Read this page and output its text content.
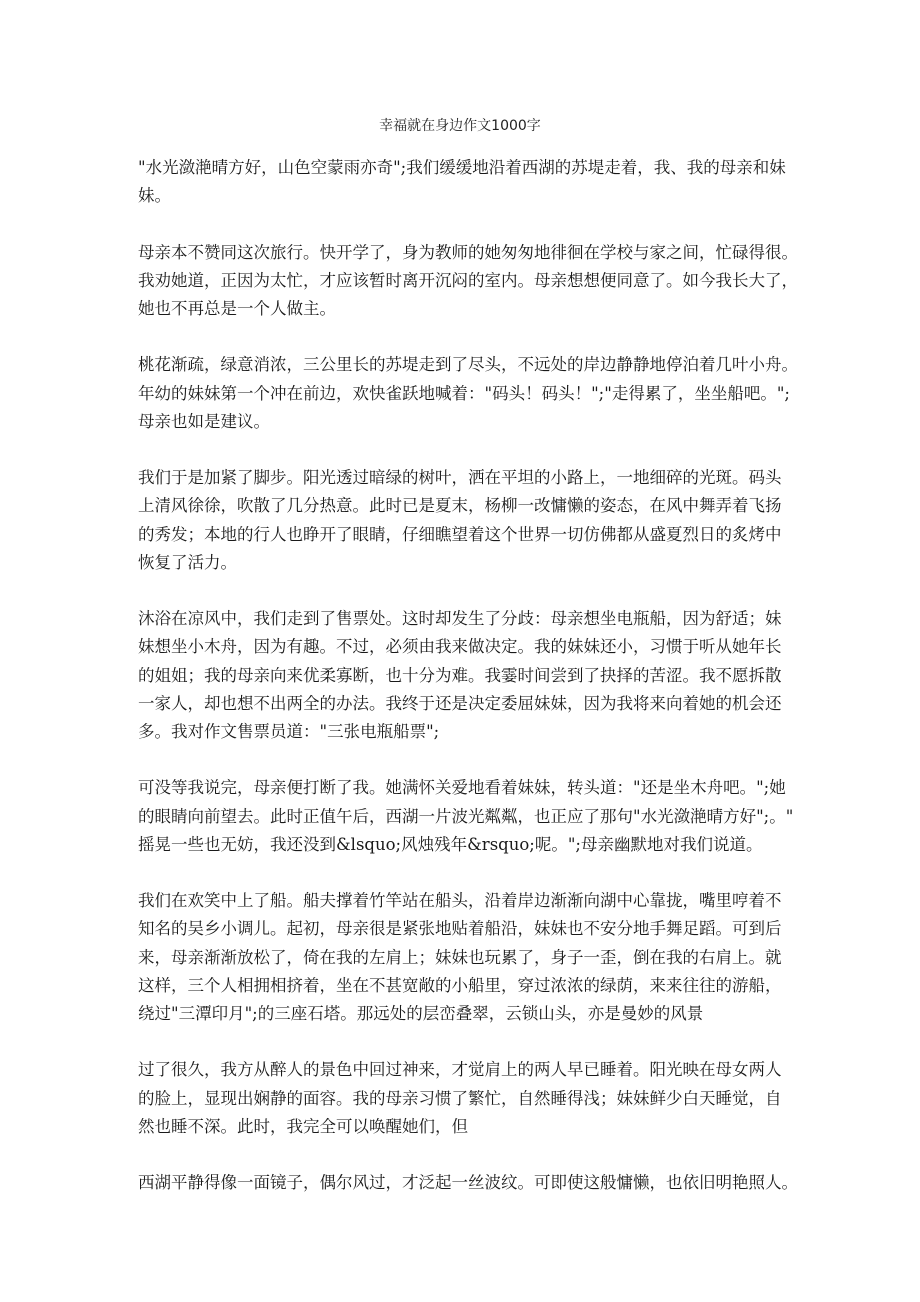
幸福就在身边作文1000字

"水光潋滟晴方好，山色空蒙雨亦奇";我们缓缓地沿着西湖的苏堤走着，我、我的母亲和妹
妹。

母亲本不赞同这次旅行。快开学了，身为教师的她匆匆地徘徊在学校与家之间，忙碌得很。
我劝她道，正因为太忙，才应该暂时离开沉闷的室内。母亲想想便同意了。如今我长大了，
她也不再总是一个人做主。

桃花渐疏，绿意消浓，三公里长的苏堤走到了尽头，不远处的岸边静静地停泊着几叶小舟。
年幼的妹妹第一个冲在前边，欢快雀跃地喊着："码头！码头！";"走得累了，坐坐船吧。";
母亲也如是建议。

我们于是加紧了脚步。阳光透过暗绿的树叶，洒在平坦的小路上，一地细碎的光斑。码头
上清风徐徐，吹散了几分热意。此时已是夏末，杨柳一改慵懒的姿态，在风中舞弄着飞扬
的秀发；本地的行人也睁开了眼睛，仔细瞧望着这个世界一切仿佛都从盛夏烈日的炙烤中
恢复了活力。

沐浴在凉风中，我们走到了售票处。这时却发生了分歧：母亲想坐电瓶船，因为舒适；妹
妹想坐小木舟，因为有趣。不过，必须由我来做决定。我的妹妹还小，习惯于听从她年长
的姐姐；我的母亲向来优柔寡断，也十分为难。我霎时间尝到了抉择的苦涩。我不愿拆散
一家人，却也想不出两全的办法。我终于还是决定委屈妹妹，因为我将来向着她的机会还
多。我对作文售票员道："三张电瓶船票";

可没等我说完，母亲便打断了我。她满怀关爱地看着妹妹，转头道："还是坐木舟吧。";她
的眼睛向前望去。此时正值午后，西湖一片波光粼粼，也正应了那句"水光潋滟晴方好";。"
摇晃一些也无妨，我还没到&lsquo;风烛残年&rsquo;呢。";母亲幽默地对我们说道。

我们在欢笑中上了船。船夫撑着竹竿站在船头，沿着岸边渐渐向湖中心靠拢，嘴里哼着不
知名的吴乡小调儿。起初，母亲很是紧张地贴着船沿，妹妹也不安分地手舞足蹈。可到后
来，母亲渐渐放松了，倚在我的左肩上；妹妹也玩累了，身子一歪，倒在我的右肩上。就
这样，三个人相拥相挤着，坐在不甚宽敞的小船里，穿过浓浓的绿荫，来来往往的游船，
绕过"三潭印月";的三座石塔。那远处的层峦叠翠，云锁山头，亦是曼妙的风景

过了很久，我方从醉人的景色中回过神来，才觉肩上的两人早已睡着。阳光映在母女两人
的脸上，显现出娴静的面容。我的母亲习惯了繁忙，自然睡得浅；妹妹鲜少白天睡觉，自
然也睡不深。此时，我完全可以唤醒她们，但

西湖平静得像一面镜子，偶尔风过，才泛起一丝波纹。可即使这般慵懒，也依旧明艳照人。
